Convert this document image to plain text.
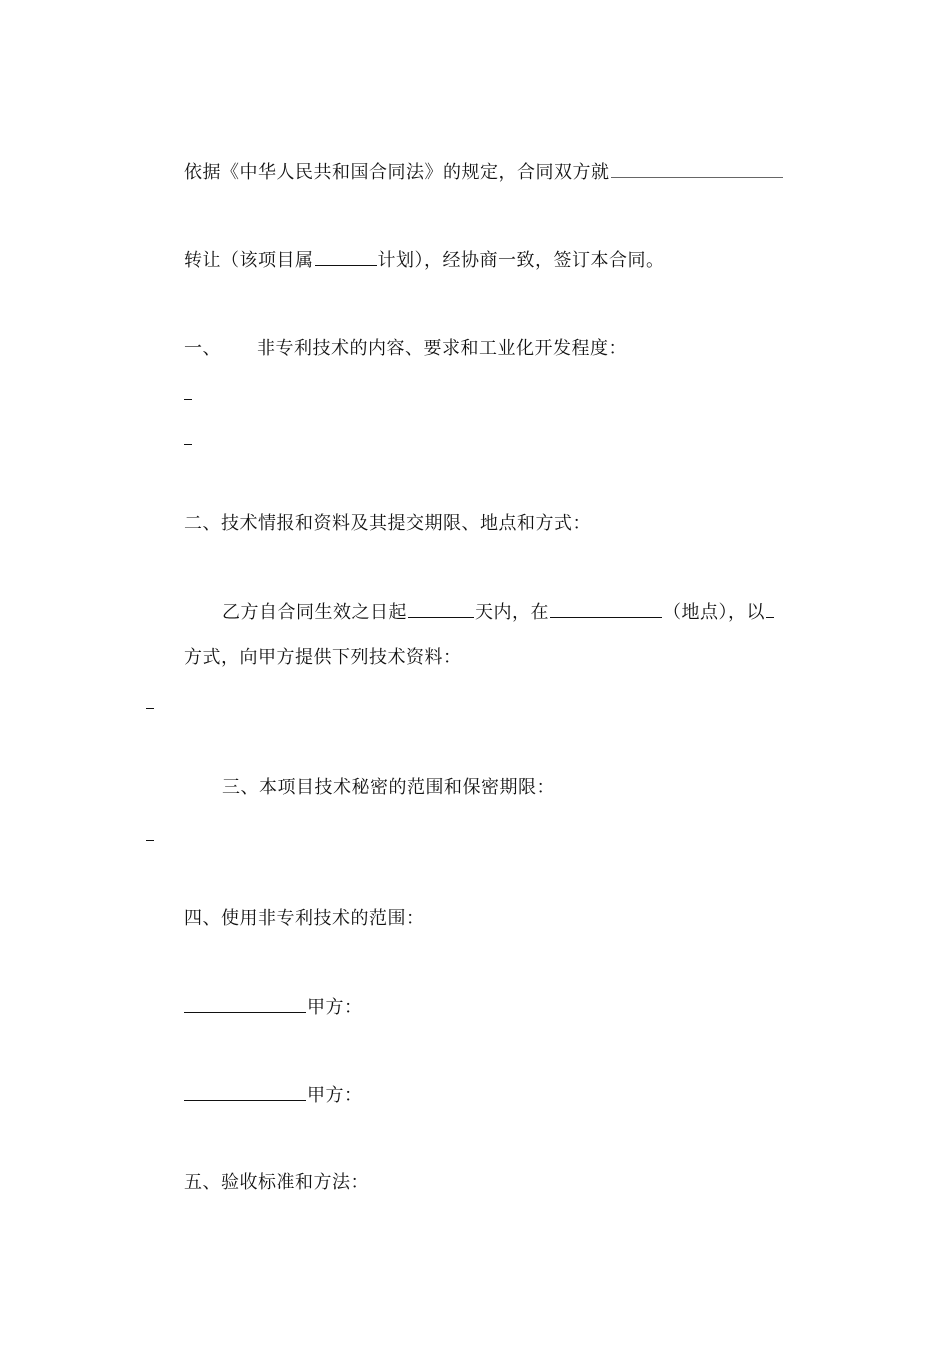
依据《中华人民共和国合同法》的规定，合同双方就
转让（该项目属	计划），经协商一致，签订本合同。
一、 非专利技术的内容、要求和工业化开发程度：
二、技术情报和资料及其提交期限、地点和方式：
乙方自合同生效之日起	天内，在	（地点），以
方式，向甲方提供下列技术资料：
三、本项目技术秘密的范围和保密期限：
四、使用非专利技术的范围：
甲方：
甲方：
五、验收标准和方法：
